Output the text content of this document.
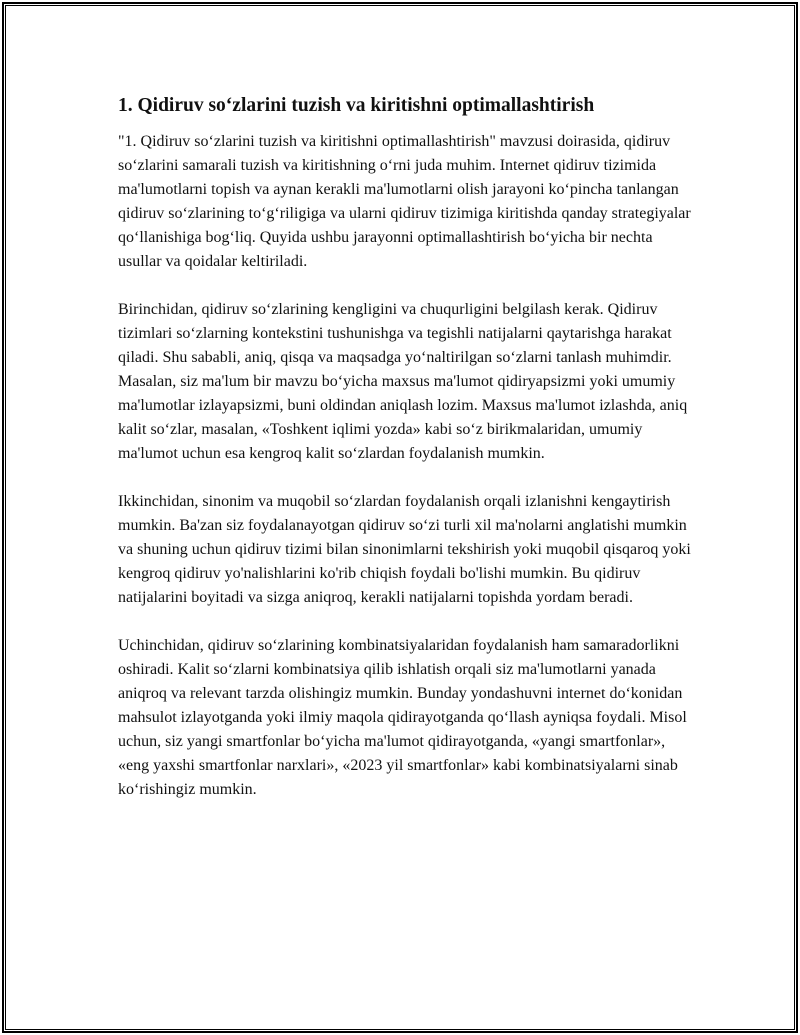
1. Qidiruv so‘zlarini tuzish va kiritishni optimallashtirish

"1. Qidiruv so‘zlarini tuzish va kiritishni optimallashtirish" mavzusi doirasida, qidiruv so‘zlarini samarali tuzish va kiritishning o‘rni juda muhim. Internet qidiruv tizimida ma'lumotlarni topish va aynan kerakli ma'lumotlarni olish jarayoni ko‘pincha tanlangan qidiruv so‘zlarining to‘g‘riligiga va ularni qidiruv tizimiga kiritishda qanday strategiyalar qo‘llanishiga bog‘liq. Quyida ushbu jarayonni optimallashtirish bo‘yicha bir nechta usullar va qoidalar keltiriladi.

Birinchidan, qidiruv so‘zlarining kengligini va chuqurligini belgilash kerak. Qidiruv tizimlari so‘zlarning kontekstini tushunishga va tegishli natijalarni qaytarishga harakat qiladi. Shu sababli, aniq, qisqa va maqsadga yo‘naltirilgan so‘zlarni tanlash muhimdir. Masalan, siz ma'lum bir mavzu bo‘yicha maxsus ma'lumot qidiryapsizmi yoki umumiy ma'lumotlar izlayapsizmi, buni oldindan aniqlash lozim. Maxsus ma'lumot izlashda, aniq kalit so‘zlar, masalan, «Toshkent iqlimi yozda» kabi so‘z birikmalaridan, umumiy ma'lumot uchun esa kengroq kalit so‘zlardan foydalanish mumkin.

Ikkinchidan, sinonim va muqobil so‘zlardan foydalanish orqali izlanishni kengaytirish mumkin. Ba'zan siz foydalanayotgan qidiruv so‘zi turli xil ma'nolarni anglatishi mumkin va shuning uchun qidiruv tizimi bilan sinonimlarni tekshirish yoki muqobil qisqaroq yoki kengroq qidiruv yo'nalishlarini ko'rib chiqish foydali bo'lishi mumkin. Bu qidiruv natijalarini boyitadi va sizga aniqroq, kerakli natijalarni topishda yordam beradi.

Uchinchidan, qidiruv so‘zlarining kombinatsiyalaridan foydalanish ham samaradorlikni oshiradi. Kalit so‘zlarni kombinatsiya qilib ishlatish orqali siz ma'lumotlarni yanada aniqroq va relevant tarzda olishingiz mumkin. Bunday yondashuvni internet do‘konidan mahsulot izlayotganda yoki ilmiy maqola qidirayotganda qo‘llash ayniqsa foydali. Misol uchun, siz yangi smartfonlar bo‘yicha ma'lumot qidirayotganda, «yangi smartfonlar», «eng yaxshi smartfonlar narxlari», «2023 yil smartfonlar» kabi kombinatsiyalarni sinab ko‘rishingiz mumkin.
